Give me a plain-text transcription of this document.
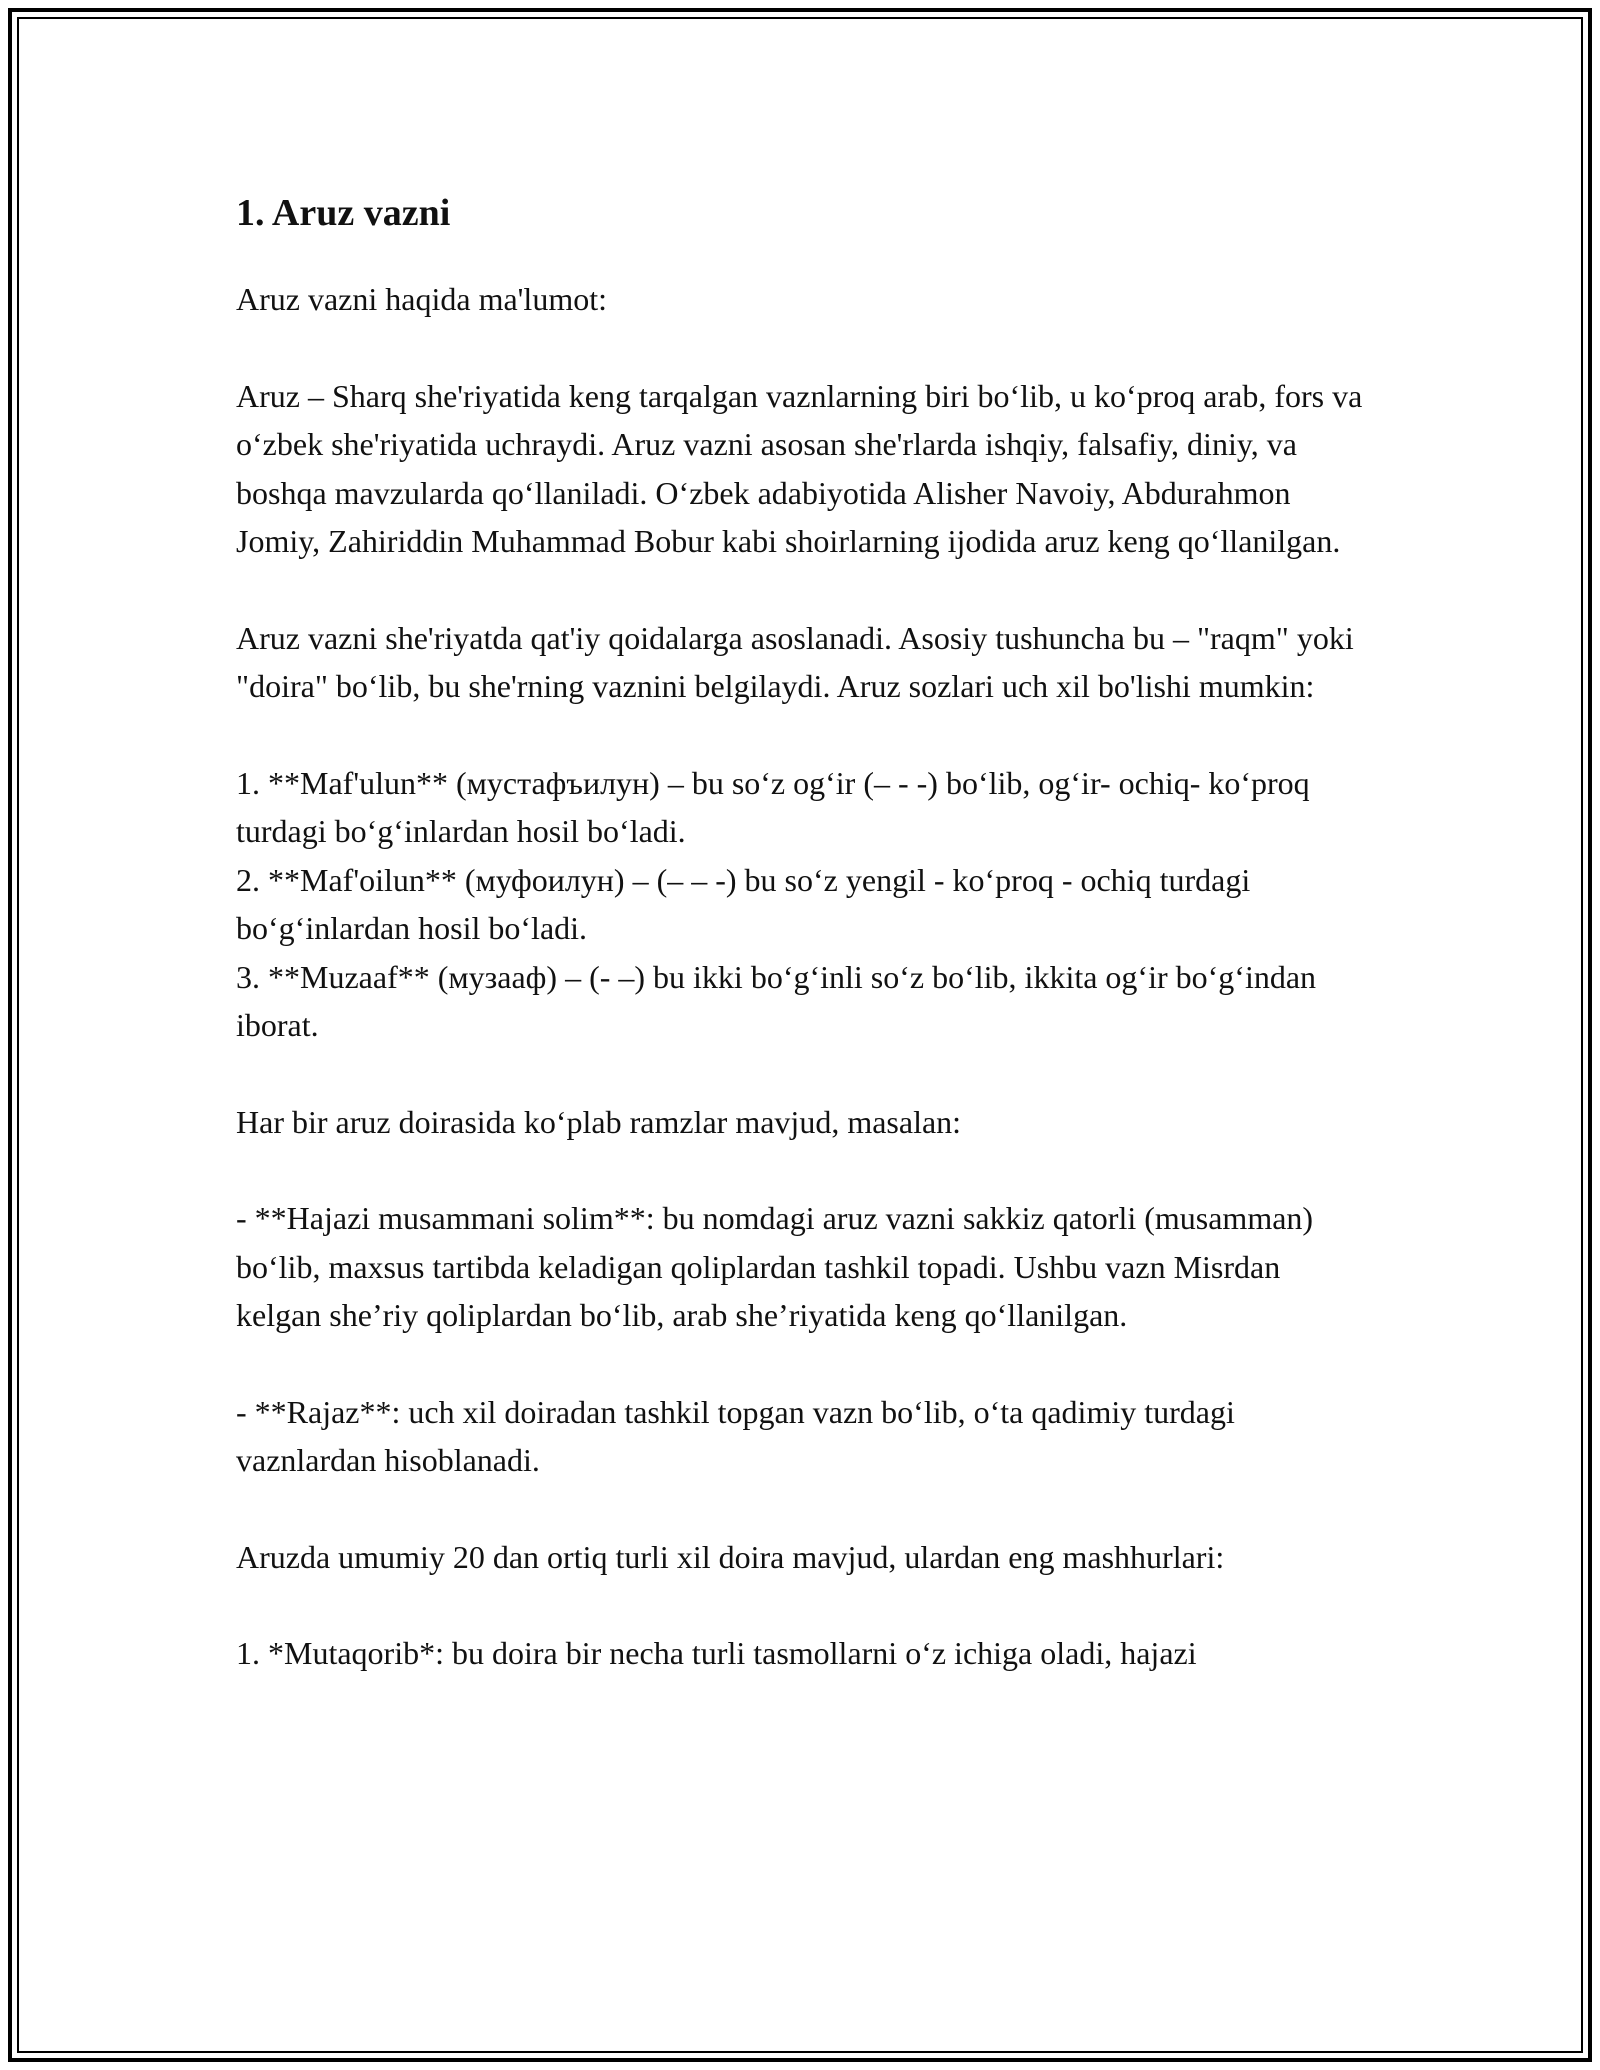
1. Aruz vazni

Aruz vazni haqida ma'lumot:

Aruz – Sharq she'riyatida keng tarqalgan vaznlarning biri bo‘lib, u ko‘proq arab, fors va o‘zbek she'riyatida uchraydi. Aruz vazni asosan she'rlarda ishqiy, falsafiy, diniy, va boshqa mavzularda qo‘llaniladi. O‘zbek adabiyotida Alisher Navoiy, Abdurahmon Jomiy, Zahiriddin Muhammad Bobur kabi shoirlarning ijodida aruz keng qo‘llanilgan.

Aruz vazni she'riyatda qat'iy qoidalarga asoslanadi. Asosiy tushuncha bu – "raqm" yoki "doira" bo‘lib, bu she'rning vaznini belgilaydi. Aruz sozlari uch xil bo'lishi mumkin:

1. **Maf'ulun** (мустафъилун) – bu so‘z og‘ir (– - -) bo‘lib, og‘ir- ochiq- ko‘proq turdagi bo‘g‘inlardan hosil bo‘ladi.

2. **Maf'oilun** (муфоилун) – (– – -) bu so‘z yengil - ko‘proq - ochiq turdagi bo‘g‘inlardan hosil bo‘ladi.

3. **Muzaaf** (музааф) – (- –) bu ikki bo‘g‘inli so‘z bo‘lib, ikkita og‘ir bo‘g‘indan iborat.

Har bir aruz doirasida ko‘plab ramzlar mavjud, masalan:

- **Hajazi musammani solim**: bu nomdagi aruz vazni sakkiz qatorli (musamman) bo‘lib, maxsus tartibda keladigan qoliplardan tashkil topadi. Ushbu vazn Misrdan kelgan she’riy qoliplardan bo‘lib, arab she’riyatida keng qo‘llanilgan.

- **Rajaz**: uch xil doiradan tashkil topgan vazn bo‘lib, o‘ta qadimiy turdagi vaznlardan hisoblanadi.

Aruzda umumiy 20 dan ortiq turli xil doira mavjud, ulardan eng mashhurlari:

1. *Mutaqorib*: bu doira bir necha turli tasmollarni o‘z ichiga oladi, hajazi
